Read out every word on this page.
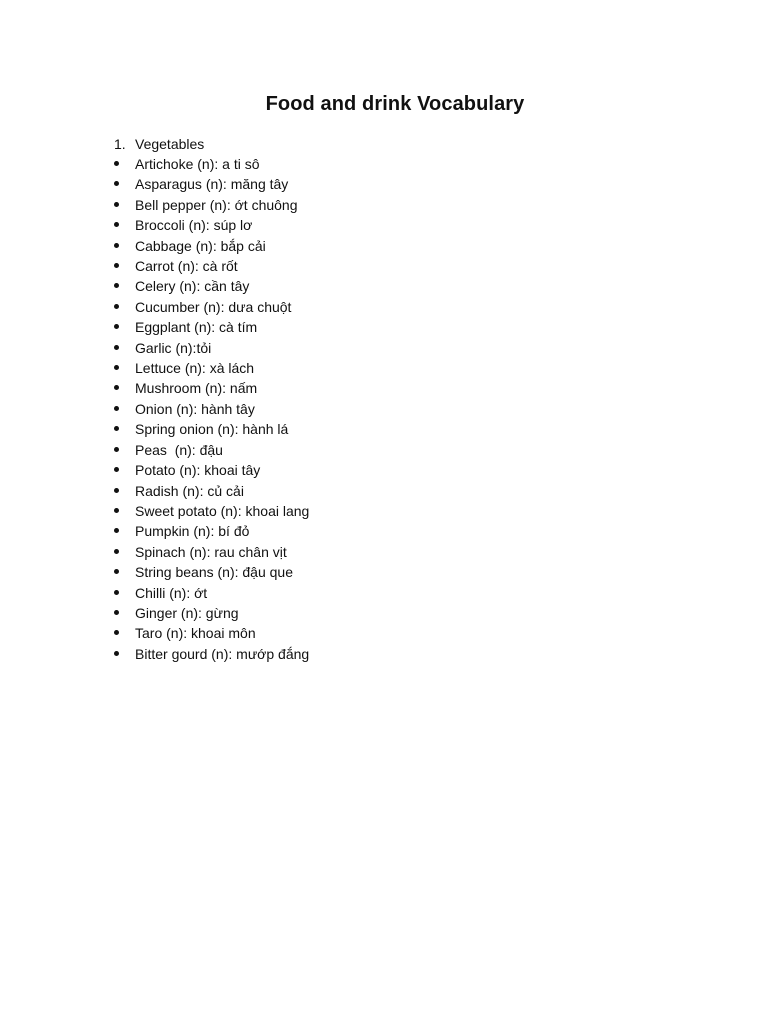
Food and drink Vocabulary
1. Vegetables
Artichoke (n): a ti sô
Asparagus (n): măng tây
Bell pepper (n): ớt chuông
Broccoli (n): súp lơ
Cabbage (n): bắp cải
Carrot (n): cà rốt
Celery (n): cần tây
Cucumber (n): dưa chuột
Eggplant (n): cà tím
Garlic (n):tỏi
Lettuce (n): xà lách
Mushroom (n): nấm
Onion (n): hành tây
Spring onion (n): hành lá
Peas  (n): đậu
Potato (n): khoai tây
Radish (n): củ cải
Sweet potato (n): khoai lang
Pumpkin (n): bí đỏ
Spinach (n): rau chân vịt
String beans (n): đậu que
Chilli (n): ớt
Ginger (n): gừng
Taro (n): khoai môn
Bitter gourd (n): mướp đắng
